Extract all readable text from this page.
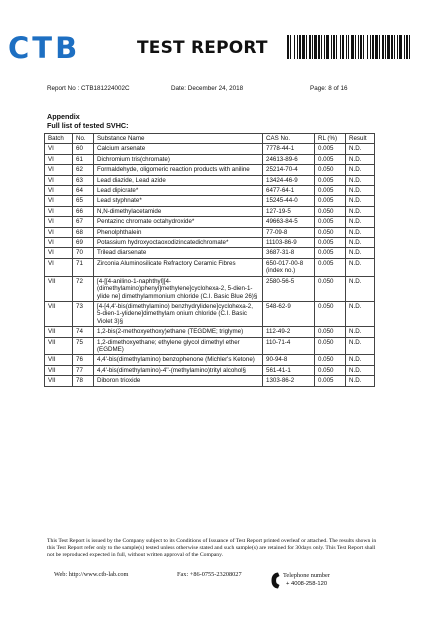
CTB	TEST REPORT
Report No : CTB181224002C	Date: December 24, 2018	Page: 8 of 16
Appendix
Full list of tested SVHC:
Batch	No.	Substance Name	CAS No.	RL (%)	Result
VI	60	Calcium arsenate	7778-44-1	0.005	N.D.
VI	61	Dichromium tris(chromate)	24613-89-6	0.005	N.D.
VI	62	Formaldehyde, oligomeric reaction products with aniline	25214-70-4	0.050	N.D.
VI	63	Lead diazide, Lead azide	13424-46-9	0.005	N.D.
VI	64	Lead dipicrate*	6477-64-1	0.005	N.D.
VI	65	Lead styphnate*	15245-44-0	0.005	N.D.
VI	66	N,N-dimethylacetamide	127-19-5	0.050	N.D.
VI	67	Pentazinc chromate octahydroxide*	49663-84-5	0.005	N.D.
VI	68	Phenolphthalein	77-09-8	0.050	N.D.
VI	69	Potassium hydroxyoctaoxodizincatedichromate*	11103-86-9	0.005	N.D.
VI	70	Trilead diarsenate	3687-31-8	0.005	N.D.
VI	71	Zirconia Aluminosilicate Refractory Ceramic Fibres	650-017-00-8 (index no.)	0.005	N.D.
VII	72	[4-[[4-anilino-1-naphthyl][4-(dimethylamino)phenyl]methylene]cyclohexa-2, 5-dien-1-ylide ne] dimethylammonium chloride (C.I. Basic Blue 26)§	2580-56-5	0.050	N.D.
VII	73	[4-[4,4'-bis(dimethylamino) benzhydrylidene]cyclohexa-2, 5-dien-1-ylidene]dimethylam onium chloride (C.I. Basic Violet 3)§	548-62-9	0.050	N.D.
VII	74	1,2-bis(2-methoxyethoxy)ethane (TEGDME; triglyme)	112-49-2	0.050	N.D.
VII	75	1,2-dimethoxyethane; ethylene glycol dimethyl ether (EGDME)	110-71-4	0.050	N.D.
VII	76	4,4'-bis(dimethylamino) benzophenone (Michler's Ketone)	90-94-8	0.050	N.D.
VII	77	4,4'-bis(dimethylamino)-4''-(methylamino)trityl alcohol§	561-41-1	0.050	N.D.
VII	78	Diboron trioxide	1303-86-2	0.005	N.D.
This Test Report is issued by the Company subject to its Conditions of Issuance of Test Report printed overleaf or attached. The results shown in this Test Report refer only to the sample(s) tested unless otherwise stated and such sample(s) are retained for 30days only. This Test Report shall not be reproduced expected in full, without written approval of the Company.
Web: http://www.ctb-lab.com	Fax: +86-0755-23208027	Telephone number
+ 4008-258-120
